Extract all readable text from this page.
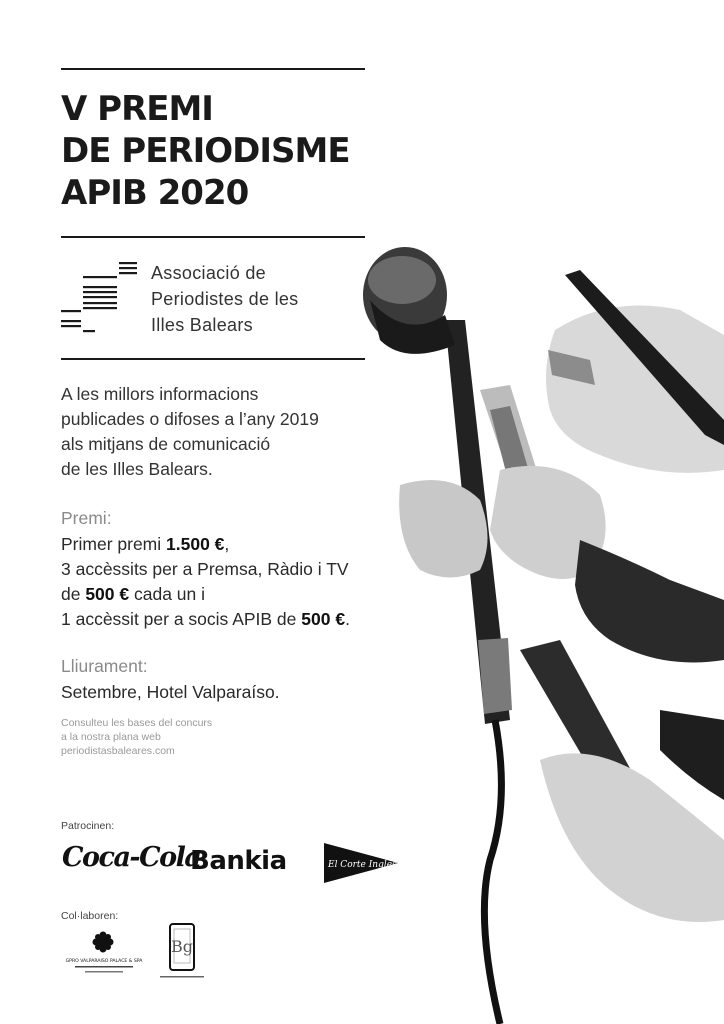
V PREMI
DE PERIODISME
APIB 2020
Associació de
Periodistes de les
Illes Balears
A les millors informacions
publicades o difoses a l’any 2019
als mitjans de comunicació
de les Illes Balears.
Premi:
Primer premi 1.500 €,
3 accèssits per a Premsa, Ràdio i TV
de 500 € cada un i
1 accèssit per a socis APIB de 500 €.
Lliurament:
Setembre, Hotel Valparaíso.
Consulteu les bases del concurs
a la nostra plana web
periodistasbaleares.com
Patrocinen:
Coca-Cola
Bankia	El Corte Inglés
Col·laboren:
GPRO VALPARAISO PALACE & SPA
Bg
